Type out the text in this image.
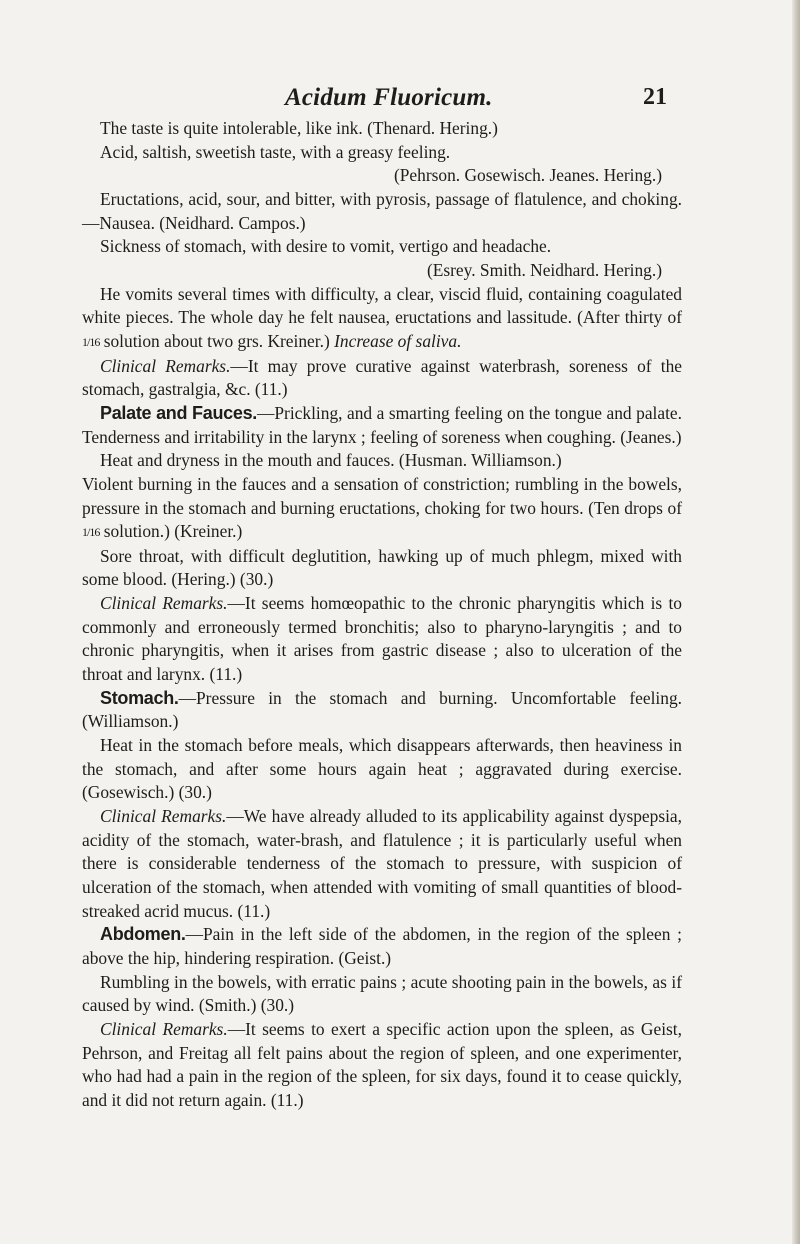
Acidum Fluoricum.	21
The taste is quite intolerable, like ink. (Thenard. Hering.)
Acid, saltish, sweetish taste, with a greasy feeling.
(Pehrson. Gosewisch. Jeanes. Hering.)
Eructations, acid, sour, and bitter, with pyrosis, passage of flatulence, and choking.—Nausea. (Neidhard. Campos.)
Sickness of stomach, with desire to vomit, vertigo and headache.
(Esrey. Smith. Neidhard. Hering.)
He vomits several times with difficulty, a clear, viscid fluid, containing coagulated white pieces. The whole day he felt nausea, eructations and lassitude. (After thirty of 1/16 solution about two grs. Kreiner.) Increase of saliva.
Clinical Remarks.—It may prove curative against waterbrash, soreness of the stomach, gastralgia, &c. (11.)
Palate and Fauces.—Prickling, and a smarting feeling on the tongue and palate. Tenderness and irritability in the larynx ; feeling of soreness when coughing. (Jeanes.)
Heat and dryness in the mouth and fauces. (Husman. Williamson.)
Violent burning in the fauces and a sensation of constriction; rumbling in the bowels, pressure in the stomach and burning eructations, choking for two hours. (Ten drops of 1/16 solution.) (Kreiner.)
Sore throat, with difficult deglutition, hawking up of much phlegm, mixed with some blood. (Hering.) (30.)
Clinical Remarks.—It seems homœopathic to the chronic pharyngitis which is to commonly and erroneously termed bronchitis; also to pharyno-laryngitis ; and to chronic pharyngitis, when it arises from gastric disease ; also to ulceration of the throat and larynx. (11.)
Stomach.—Pressure in the stomach and burning. Uncomfortable feeling. (Williamson.)
Heat in the stomach before meals, which disappears afterwards, then heaviness in the stomach, and after some hours again heat ; aggravated during exercise. (Gosewisch.) (30.)
Clinical Remarks.—We have already alluded to its applicability against dyspepsia, acidity of the stomach, water-brash, and flatulence ; it is particularly useful when there is considerable tenderness of the stomach to pressure, with suspicion of ulceration of the stomach, when attended with vomiting of small quantities of blood-streaked acrid mucus. (11.)
Abdomen.—Pain in the left side of the abdomen, in the region of the spleen ; above the hip, hindering respiration. (Geist.)
Rumbling in the bowels, with erratic pains ; acute shooting pain in the bowels, as if caused by wind. (Smith.) (30.)
Clinical Remarks.—It seems to exert a specific action upon the spleen, as Geist, Pehrson, and Freitag all felt pains about the region of spleen, and one experimenter, who had had a pain in the region of the spleen, for six days, found it to cease quickly, and it did not return again. (11.)
